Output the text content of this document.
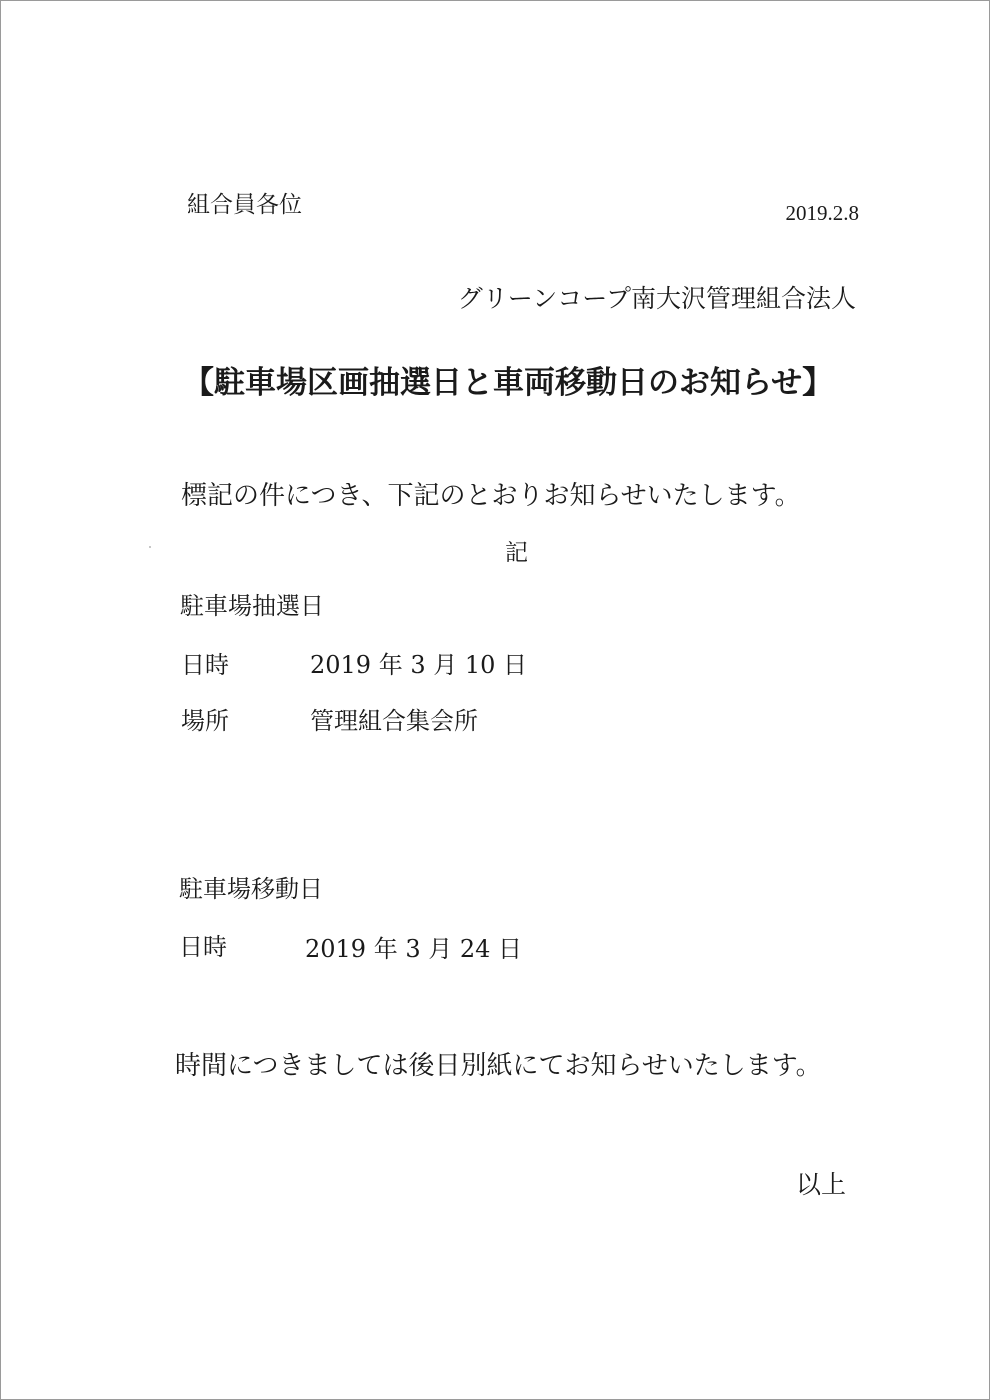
組合員各位	2019.2.8
グリーンコープ南大沢管理組合法人
【駐車場区画抽選日と車両移動日のお知らせ】
標記の件につき、下記のとおりお知らせいたします。
記
駐車場抽選日
日時	2019 年 3 月 10 日
場所	管理組合集会所
駐車場移動日
日時	2019 年 3 月 24 日
時間につきましては後日別紙にてお知らせいたします。
以上
